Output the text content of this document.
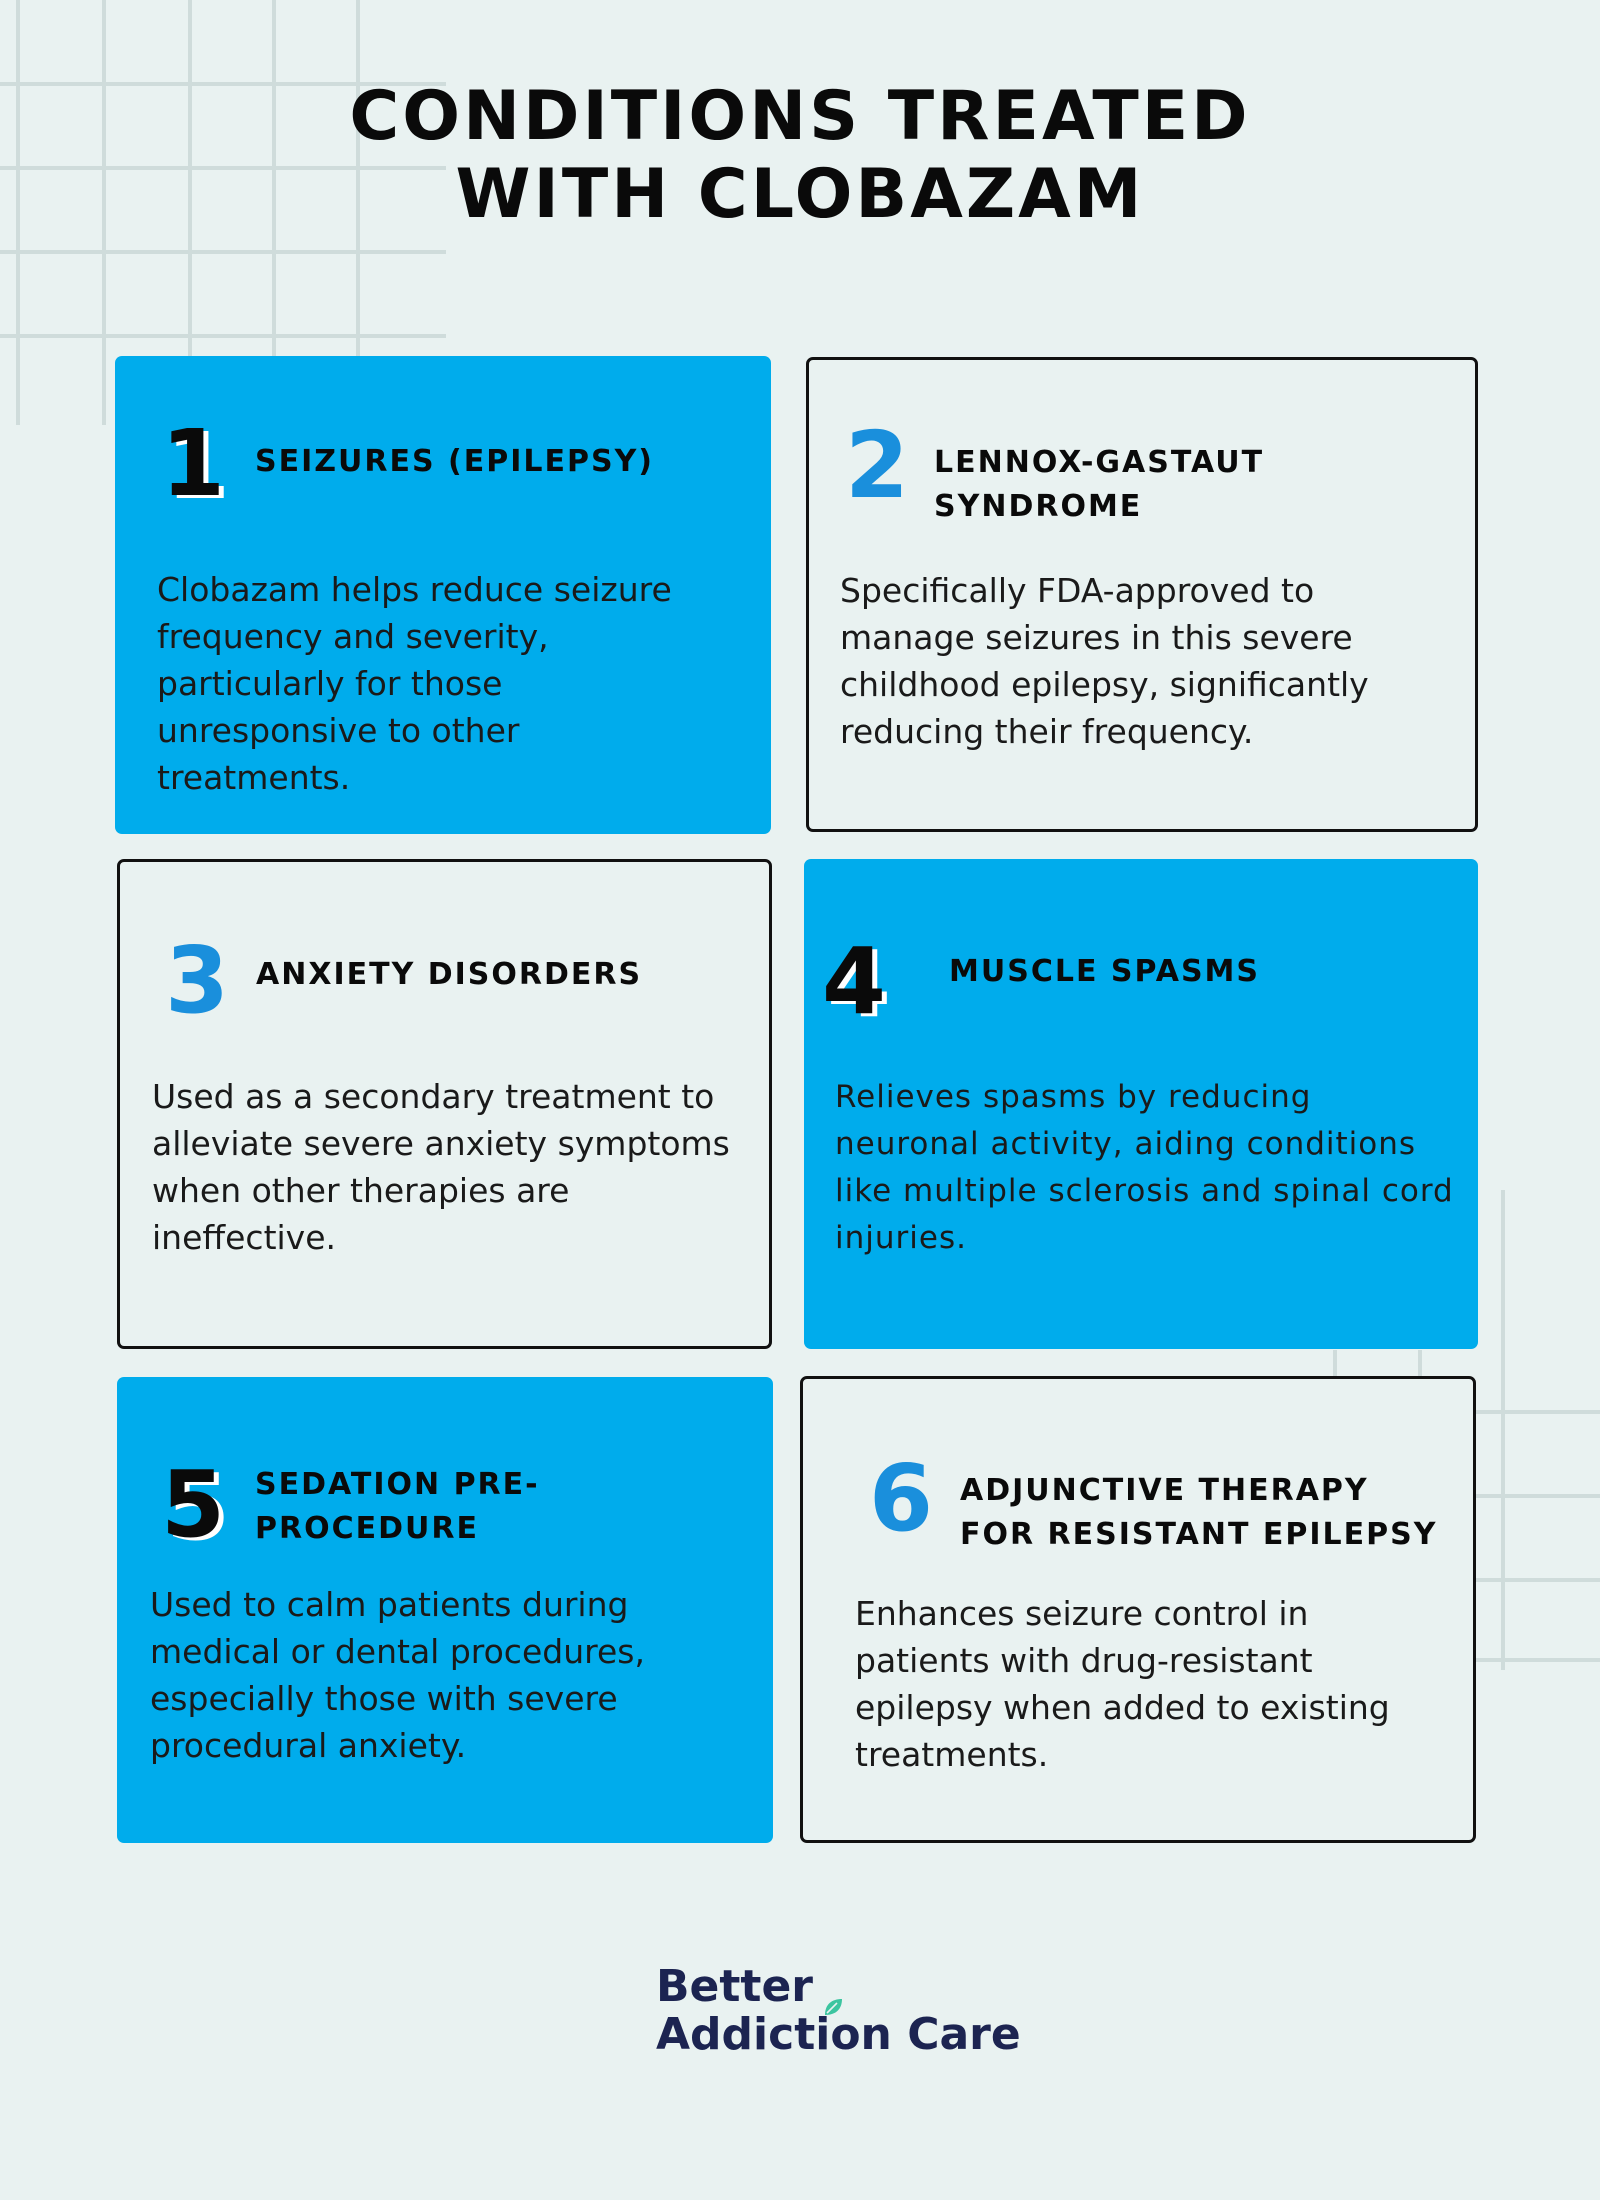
CONDITIONS TREATED
WITH CLOBAZAM
1 SEIZURES (EPILEPSY)

Clobazam helps reduce seizure frequency and severity, particularly for those unresponsive to other treatments.

2 LENNOX-GASTAUT SYNDROME

Specifically FDA-approved to manage seizures in this severe childhood epilepsy, significantly reducing their frequency.

3 ANXIETY DISORDERS

Used as a secondary treatment to alleviate severe anxiety symptoms when other therapies are ineffective.

4 MUSCLE SPASMS

Relieves spasms by reducing neuronal activity, aiding conditions like multiple sclerosis and spinal cord injuries.

5 SEDATION PRE-PROCEDURE

Used to calm patients during medical or dental procedures, especially those with severe procedural anxiety.

6 ADJUNCTIVE THERAPY FOR RESISTANT EPILEPSY

Enhances seizure control in patients with drug-resistant epilepsy when added to existing treatments.

Better
Addiction Care
